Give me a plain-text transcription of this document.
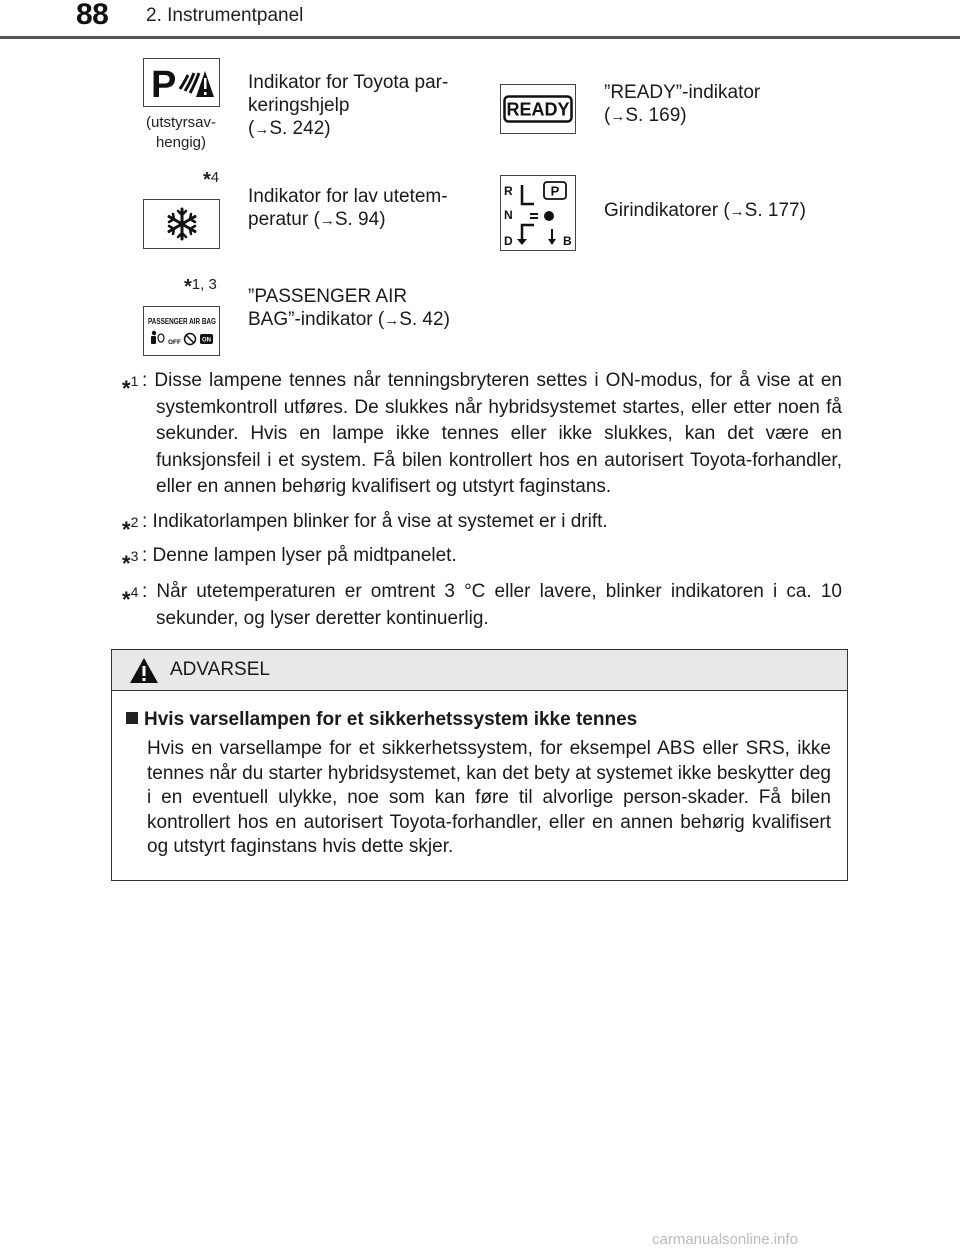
88 2. Instrumentpanel
P
(utstyrsav-
hengig)
Indikator for Toyota par-
keringshjelp
(→S. 242)
READY
”READY”-indikator
(→S. 169)
*4
Indikator for lav utetem-
peratur (→S. 94)
R
N
D	B
P
Girindikatorer (→S. 177)
*1, 3
PASSENGER AIR BAG
OFF	ON
”PASSENGER AIR
BAG”-indikator (→S. 42)
*$^1$ : Disse lampene tennes når tenningsbryteren settes i ON-modus, for å vise at en systemkontroll utføres. De slukkes når hybridsystemet startes, eller etter noen få sekunder. Hvis en lampe ikke tennes eller ikke slukkes, kan det være en funksjonsfeil i et system. Få bilen kontrollert hos en autorisert Toyota-forhandler, eller en annen behørig kvalifisert og utstyrt faginstans.
*$^2$ : Indikatorlampen blinker for å vise at systemet er i drift.
*$^3$ : Denne lampen lyser på midtpanelet.
*$^4$ : Når utetemperaturen er omtrent 3 °C eller lavere, blinker indikatoren i ca. 10 sekunder, og lyser deretter kontinuerlig.
ADVARSEL
Hvis varsellampen for et sikkerhetssystem ikke tennes
Hvis en varsellampe for et sikkerhetssystem, for eksempel ABS eller SRS, ikke tennes når du starter hybridsystemet, kan det bety at systemet ikke beskytter deg i en eventuell ulykke, noe som kan føre til alvorlige person-skader. Få bilen kontrollert hos en autorisert Toyota-forhandler, eller en annen behørig kvalifisert og utstyrt faginstans hvis dette skjer.
carmanualsonline.info
